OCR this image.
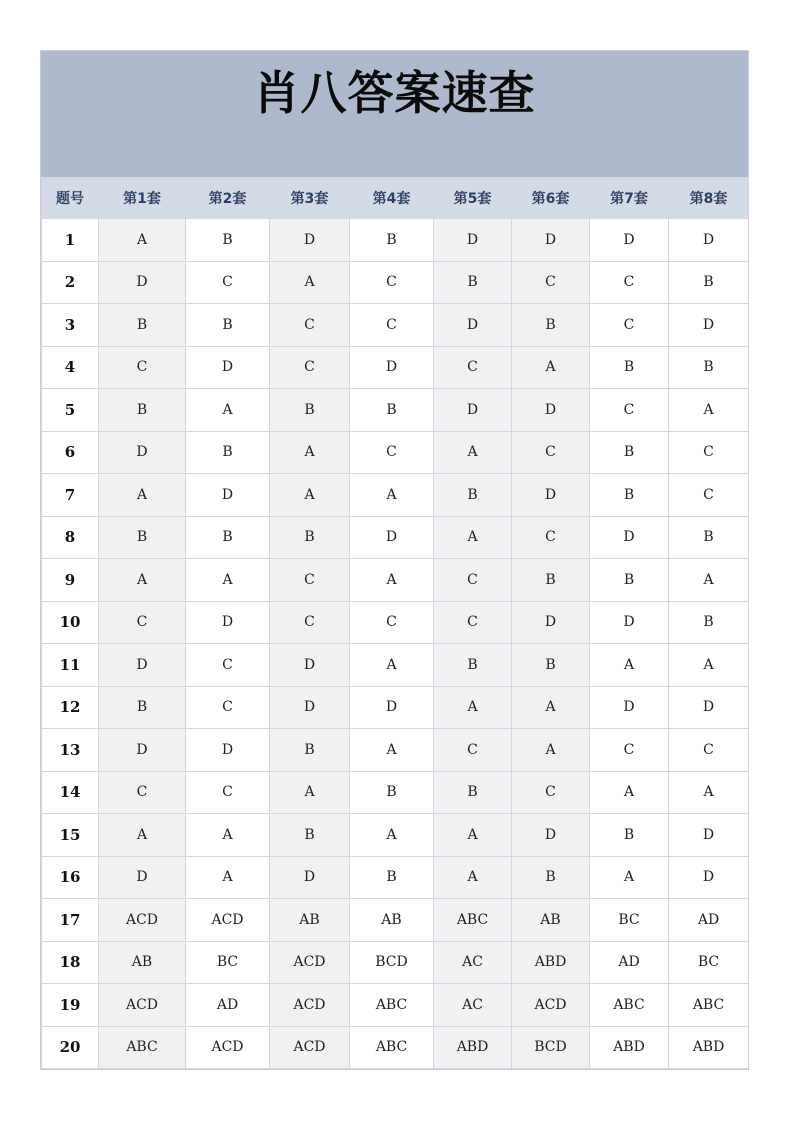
肖八答案速查
题号	第1套	第2套	第3套	第4套	第5套	第6套	第7套	第8套
1	A	B	D	B	D	D	D	D
2	D	C	A	C	B	C	C	B
3	B	B	C	C	D	B	C	D
4	C	D	C	D	C	A	B	B
5	B	A	B	B	D	D	C	A
6	D	B	A	C	A	C	B	C
7	A	D	A	A	B	D	B	C
8	B	B	B	D	A	C	D	B
9	A	A	C	A	C	B	B	A
10	C	D	C	C	C	D	D	B
11	D	C	D	A	B	B	A	A
12	B	C	D	D	A	A	D	D
13	D	D	B	A	C	A	C	C
14	C	C	A	B	B	C	A	A
15	A	A	B	A	A	D	B	D
16	D	A	D	B	A	B	A	D
17	ACD	ACD	AB	AB	ABC	AB	BC	AD
18	AB	BC	ACD	BCD	AC	ABD	AD	BC
19	ACD	AD	ACD	ABC	AC	ACD	ABC	ABC
20	ABC	ACD	ACD	ABC	ABD	BCD	ABD	ABD
